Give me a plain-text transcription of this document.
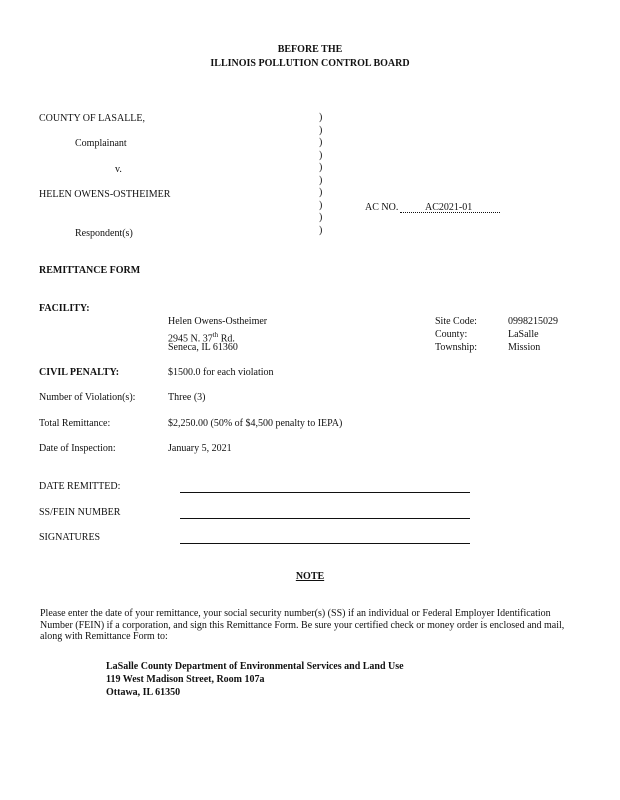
BEFORE THE
ILLINOIS POLLUTION CONTROL BOARD
COUNTY OF LASALLE,
Complainant
v.
HELEN OWENS-OSTHEIMER
Respondent(s)
)
)
)
)
)
)
)
)
)
)
AC NO.	AC2021-01
REMITTANCE FORM
FACILITY:
Helen Owens-Ostheimer
2945 N. 37th Rd.
Seneca, IL 61360
Site Code:	0998215029
County:	LaSalle
Township:	Mission
CIVIL PENALTY:	$1500.0 for each violation
Number of Violation(s):	Three (3)
Total Remittance:	$2,250.00 (50% of $4,500 penalty to IEPA)
Date of Inspection:	January 5, 2021
DATE REMITTED:
SS/FEIN NUMBER
SIGNATURES
NOTE
Please enter the date of your remittance, your social security number(s) (SS) if an individual or Federal Employer Identification Number (FEIN) if a corporation, and sign this Remittance Form. Be sure your certified check or money order is enclosed and mail, along with Remittance Form to:
LaSalle County Department of Environmental Services and Land Use
119 West Madison Street, Room 107a
Ottawa, IL 61350
